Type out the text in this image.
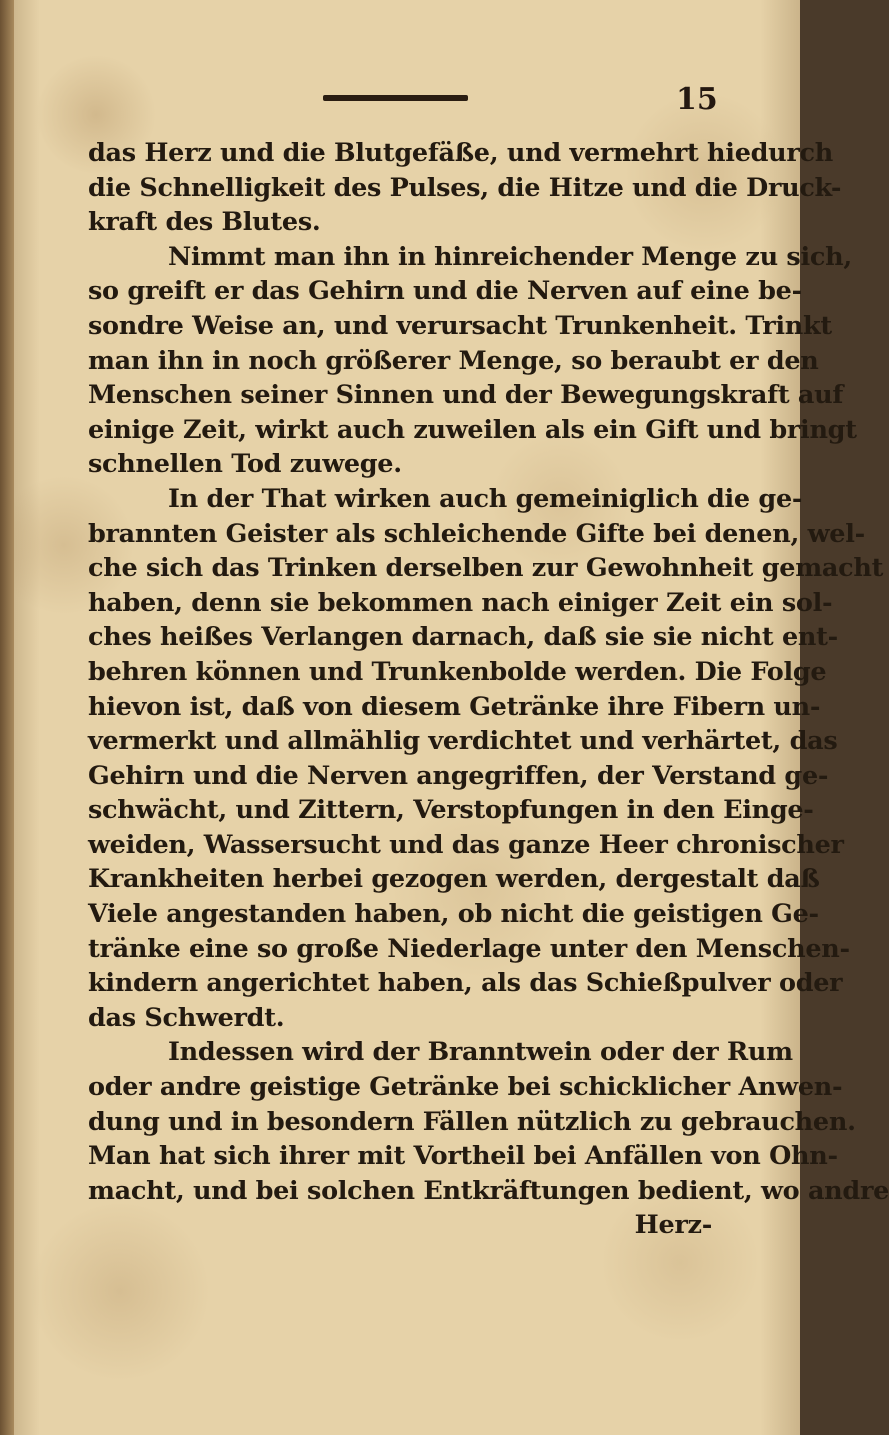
15
das Herz und die Blutgefäße, und vermehrt hiedurch
die Schnelligkeit des Pulses, die Hitze und die Druck-
kraft des Blutes.
Nimmt man ihn in hinreichender Menge zu sich,
so greift er das Gehirn und die Nerven auf eine be-
sondre Weise an, und verursacht Trunkenheit. Trinkt
man ihn in noch größerer Menge, so beraubt er den
Menschen seiner Sinnen und der Bewegungskraft auf
einige Zeit, wirkt auch zuweilen als ein Gift und bringt
schnellen Tod zuwege.
In der That wirken auch gemeiniglich die ge-
brannten Geister als schleichende Gifte bei denen, wel-
che sich das Trinken derselben zur Gewohnheit gemacht
haben, denn sie bekommen nach einiger Zeit ein sol-
ches heißes Verlangen darnach, daß sie sie nicht ent-
behren können und Trunkenbolde werden. Die Folge
hievon ist, daß von diesem Getränke ihre Fibern un-
vermerkt und allmählig verdichtet und verhärtet, das
Gehirn und die Nerven angegriffen, der Verstand ge-
schwächt, und Zittern, Verstopfungen in den Einge-
weiden, Wassersucht und das ganze Heer chronischer
Krankheiten herbei gezogen werden, dergestalt daß
Viele angestanden haben, ob nicht die geistigen Ge-
tränke eine so große Niederlage unter den Menschen-
kindern angerichtet haben, als das Schießpulver oder
das Schwerdt.
Indessen wird der Branntwein oder der Rum
oder andre geistige Getränke bei schicklicher Anwen-
dung und in besondern Fällen nützlich zu gebrauchen.
Man hat sich ihrer mit Vortheil bei Anfällen von Ohn-
macht, und bei solchen Entkräftungen bedient, wo andre
Herz-
